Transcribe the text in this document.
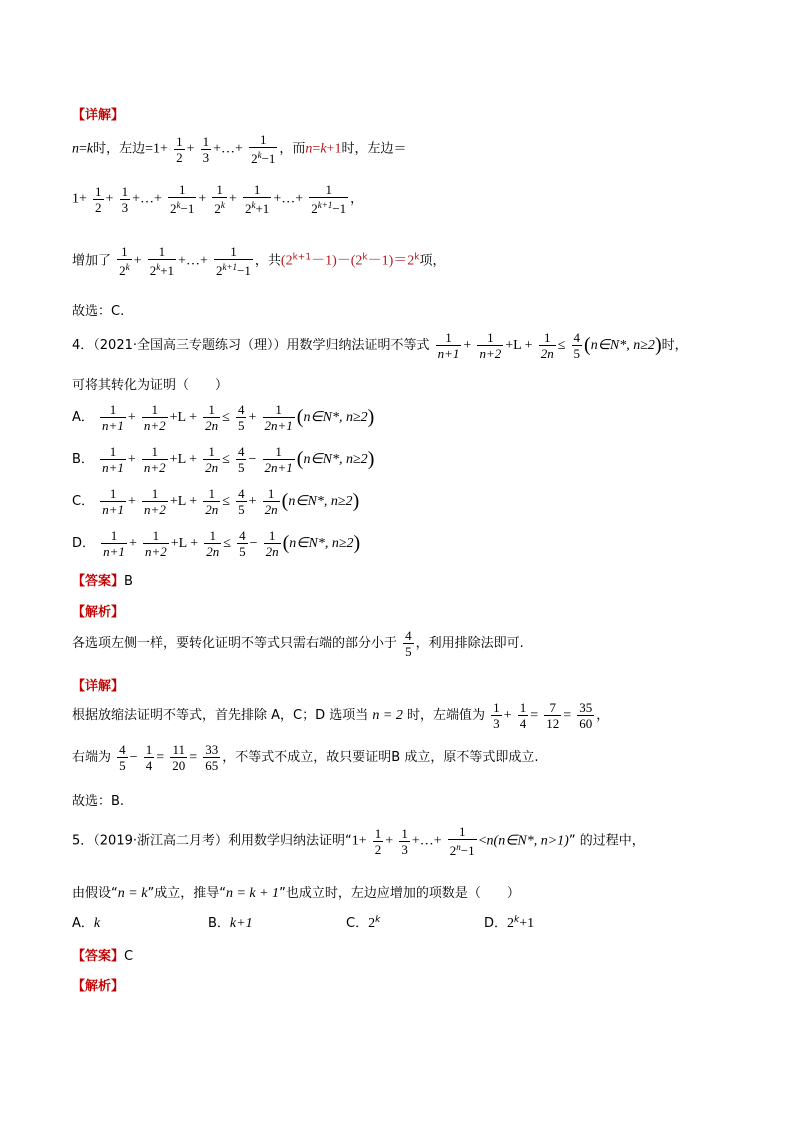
【详解】
n=k时，左边$=1+ \frac{1}{2} + \frac{1}{3}$ +…+ $\frac{1}{2^k-1}$ ，而n=k+1时，左边＝
$1+ \frac{1}{2} + \frac{1}{3}$ +…+ $\frac{1}{2^k-1} + \frac{1}{2^k} + \frac{1}{2^k+1}$ +…+ $\frac{1}{2^{k+1}-1}$ ，
增加了 $\frac{1}{2^k} + \frac{1}{2^k+1}$ +…+ $\frac{1}{2^{k+1}-1}$ ，共$(2^{k+1}-1)-(2^k-1)=2^k$项，
故选：C.
4．（2021·全国高三专题练习（理））用数学归纳法证明不等式 $\frac{1}{n+1} + \frac{1}{n+2} +L + \frac{1}{2n} \le \frac{4}{5}$ (n∈N*, n≥2)时，
可将其转化为证明（　　）
A． $\frac{1}{n+1} + \frac{1}{n+2} +L + \frac{1}{2n} \le \frac{4}{5} + \frac{1}{2n+1}$ (n∈N*, n≥2)
B． $\frac{1}{n+1} + \frac{1}{n+2} +L + \frac{1}{2n} \le \frac{4}{5} - \frac{1}{2n+1}$ (n∈N*, n≥2)
C． $\frac{1}{n+1} + \frac{1}{n+2} +L + \frac{1}{2n} \le \frac{4}{5} + \frac{1}{2n}$ (n∈N*, n≥2)
D． $\frac{1}{n+1} + \frac{1}{n+2} +L + \frac{1}{2n} \le \frac{4}{5} - \frac{1}{2n}$ (n∈N*, n≥2)
【答案】B
【解析】
各选项左侧一样，要转化证明不等式只需右端的部分小于 $\frac{4}{5}$ ，利用排除法即可.
【详解】
根据放缩法证明不等式，首先排除 A，C；D 选项当 n = 2 时，左端值为 $\frac{1}{3} + \frac{1}{4} = \frac{7}{12} = \frac{35}{60}$ ，
右端为 $\frac{4}{5} - \frac{1}{4} = \frac{11}{20} = \frac{33}{65}$ ，不等式不成立，故只要证明B 成立，原不等式即成立.
故选：B.
5．（2019·浙江高二月考）利用数学归纳法证明“$1+ \frac{1}{2} + \frac{1}{3}$ +…+ $\frac{1}{2^n-1}$ <n(n∈N*, n>1)” 的过程中，
由假设“n = k”成立，推导“n = k + 1”也成立时，左边应增加的项数是（　　）
A．k	B．k+1	C．2$^k$	D．$2^k+1$
【答案】C
【解析】
